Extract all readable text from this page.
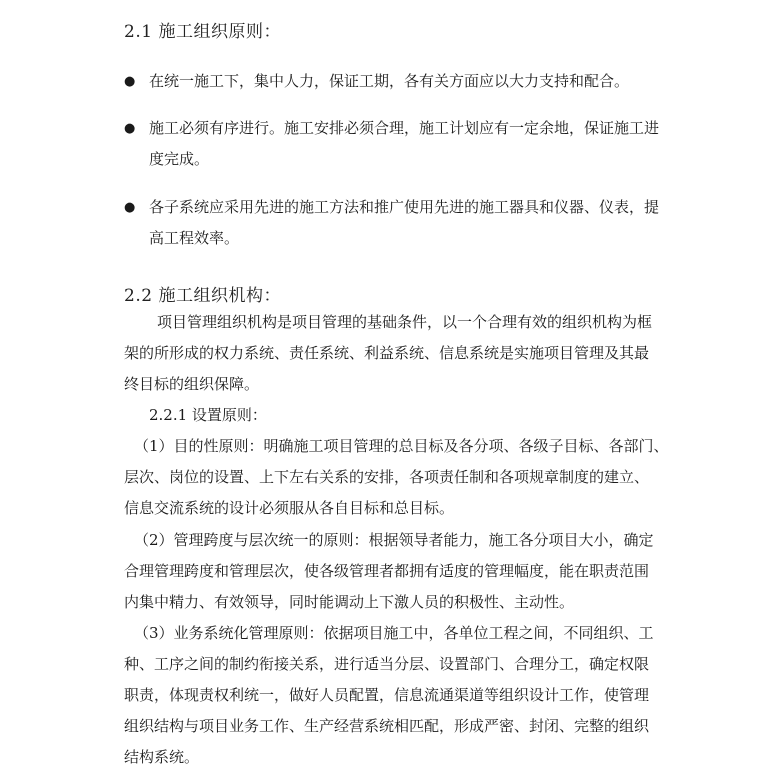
2.1 施工组织原则：
● 在统一施工下，集中人力，保证工期，各有关方面应以大力支持和配合。
● 施工必须有序进行。施工安排必须合理，施工计划应有一定余地，保证施工进
度完成。
● 各子系统应采用先进的施工方法和推广使用先进的施工器具和仪器、仪表，提
高工程效率。
2.2 施工组织机构：
项目管理组织机构是项目管理的基础条件，以一个合理有效的组织机构为框
架的所形成的权力系统、责任系统、利益系统、信息系统是实施项目管理及其最
终目标的组织保障。
2.2.1 设置原则：
（1）目的性原则：明确施工项目管理的总目标及各分项、各级子目标、各部门、
层次、岗位的设置、上下左右关系的安排，各项责任制和各项规章制度的建立、
信息交流系统的设计必须服从各自目标和总目标。
（2）管理跨度与层次统一的原则：根据领导者能力，施工各分项目大小，确定
合理管理跨度和管理层次，使各级管理者都拥有适度的管理幅度，能在职责范围
内集中精力、有效领导，同时能调动上下激人员的积极性、主动性。
（3）业务系统化管理原则：依据项目施工中，各单位工程之间，不同组织、工
种、工序之间的制约衔接关系，进行适当分层、设置部门、合理分工，确定权限
职责，体现责权利统一，做好人员配置，信息流通渠道等组织设计工作，使管理
组织结构与项目业务工作、生产经营系统相匹配，形成严密、封闭、完整的组织
结构系统。
